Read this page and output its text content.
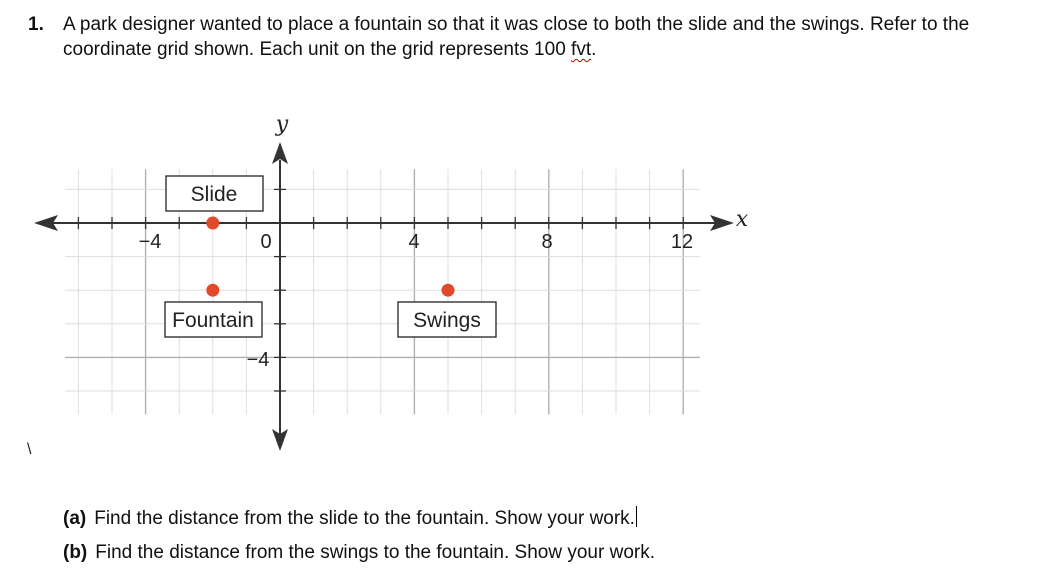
1. A park designer wanted to place a fountain so that it was close to both the slide and the swings. Refer to the coordinate grid shown. Each unit on the grid represents 100 fvt.
−4	0	4	8	12
−4
x
y
Slide
Fountain	Swings
\
(a) Find the distance from the slide to the fountain. Show your work.
(b) Find the distance from the swings to the fountain. Show your work.
